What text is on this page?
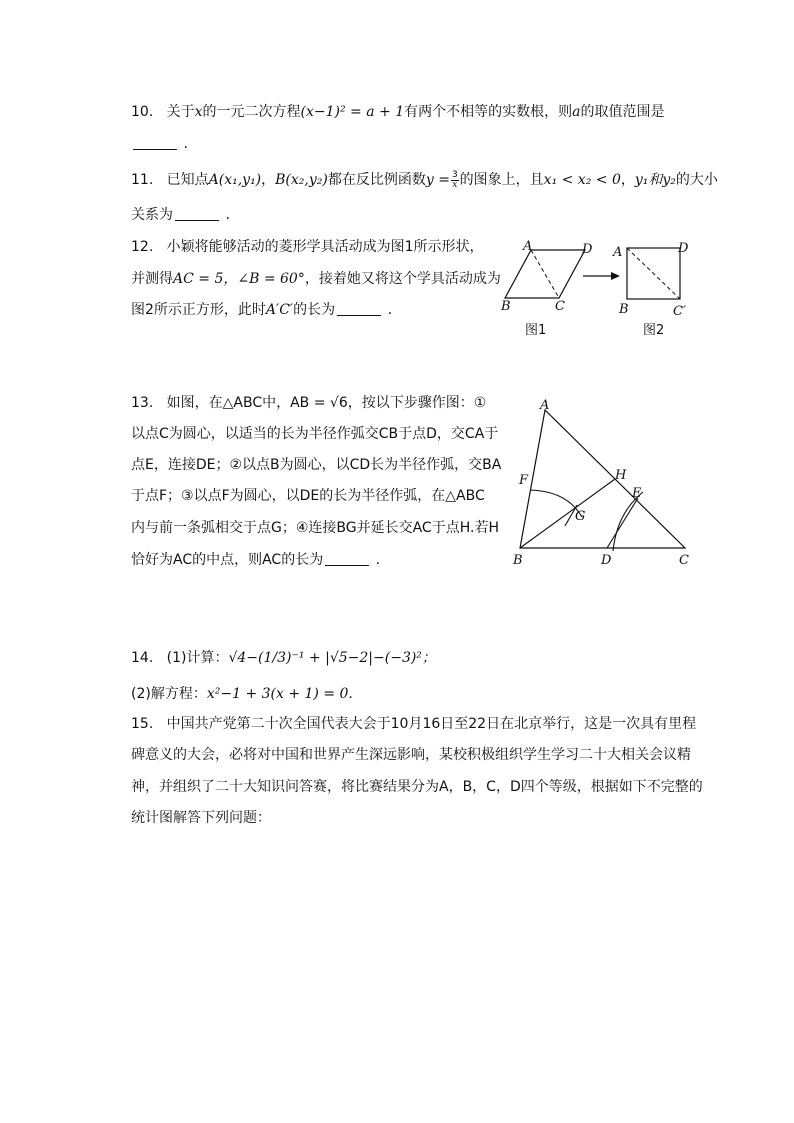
10. 关于x的一元二次方程(x−1)² = a + 1有两个不相等的实数根，则a的取值范围是
.
11. 已知点A(x₁,y₁)，B(x₂,y₂)都在反比例函数$y = \frac{3}{x}$ 的图象上，且x₁ < x₂ < 0，y₁和y₂的大小
关系为	.
12. 小颖将能够活动的菱形学具活动成为图1所示形状，
并测得AC = 5，∠B = 60°，接着她又将这个学具活动成为
图2所示正方形，此时A′C′的长为	.
A	D
B	C
图1
A	D
B	C′
图2
13. 如图，在△ABC中，AB = √6，按以下步骤作图：①
以点C为圆心，以适当的长为半径作弧交CB于点D，交CA于
点E，连接DE；②以点B为圆心，以CD长为半径作弧，交BA
于点F；③以点F为圆心，以DE的长为半径作弧，在△ABC
内与前一条弧相交于点G；④连接BG并延长交AC于点H.若H
恰好为AC的中点，则AC的长为	.
A
B	C
D
E
F
G
H
14. (1)计算：√4−(1/3)⁻¹ + |√5−2|−(−3)²；
(2)解方程：x²−1 + 3(x + 1) = 0.
15. 中国共产党第二十次全国代表大会于10月16日至22日在北京举行，这是一次具有里程
碑意义的大会，必将对中国和世界产生深远影响，某校积极组织学生学习二十大相关会议精
神，并组织了二十大知识问答赛，将比赛结果分为A，B，C，D四个等级，根据如下不完整的
统计图解答下列问题：
